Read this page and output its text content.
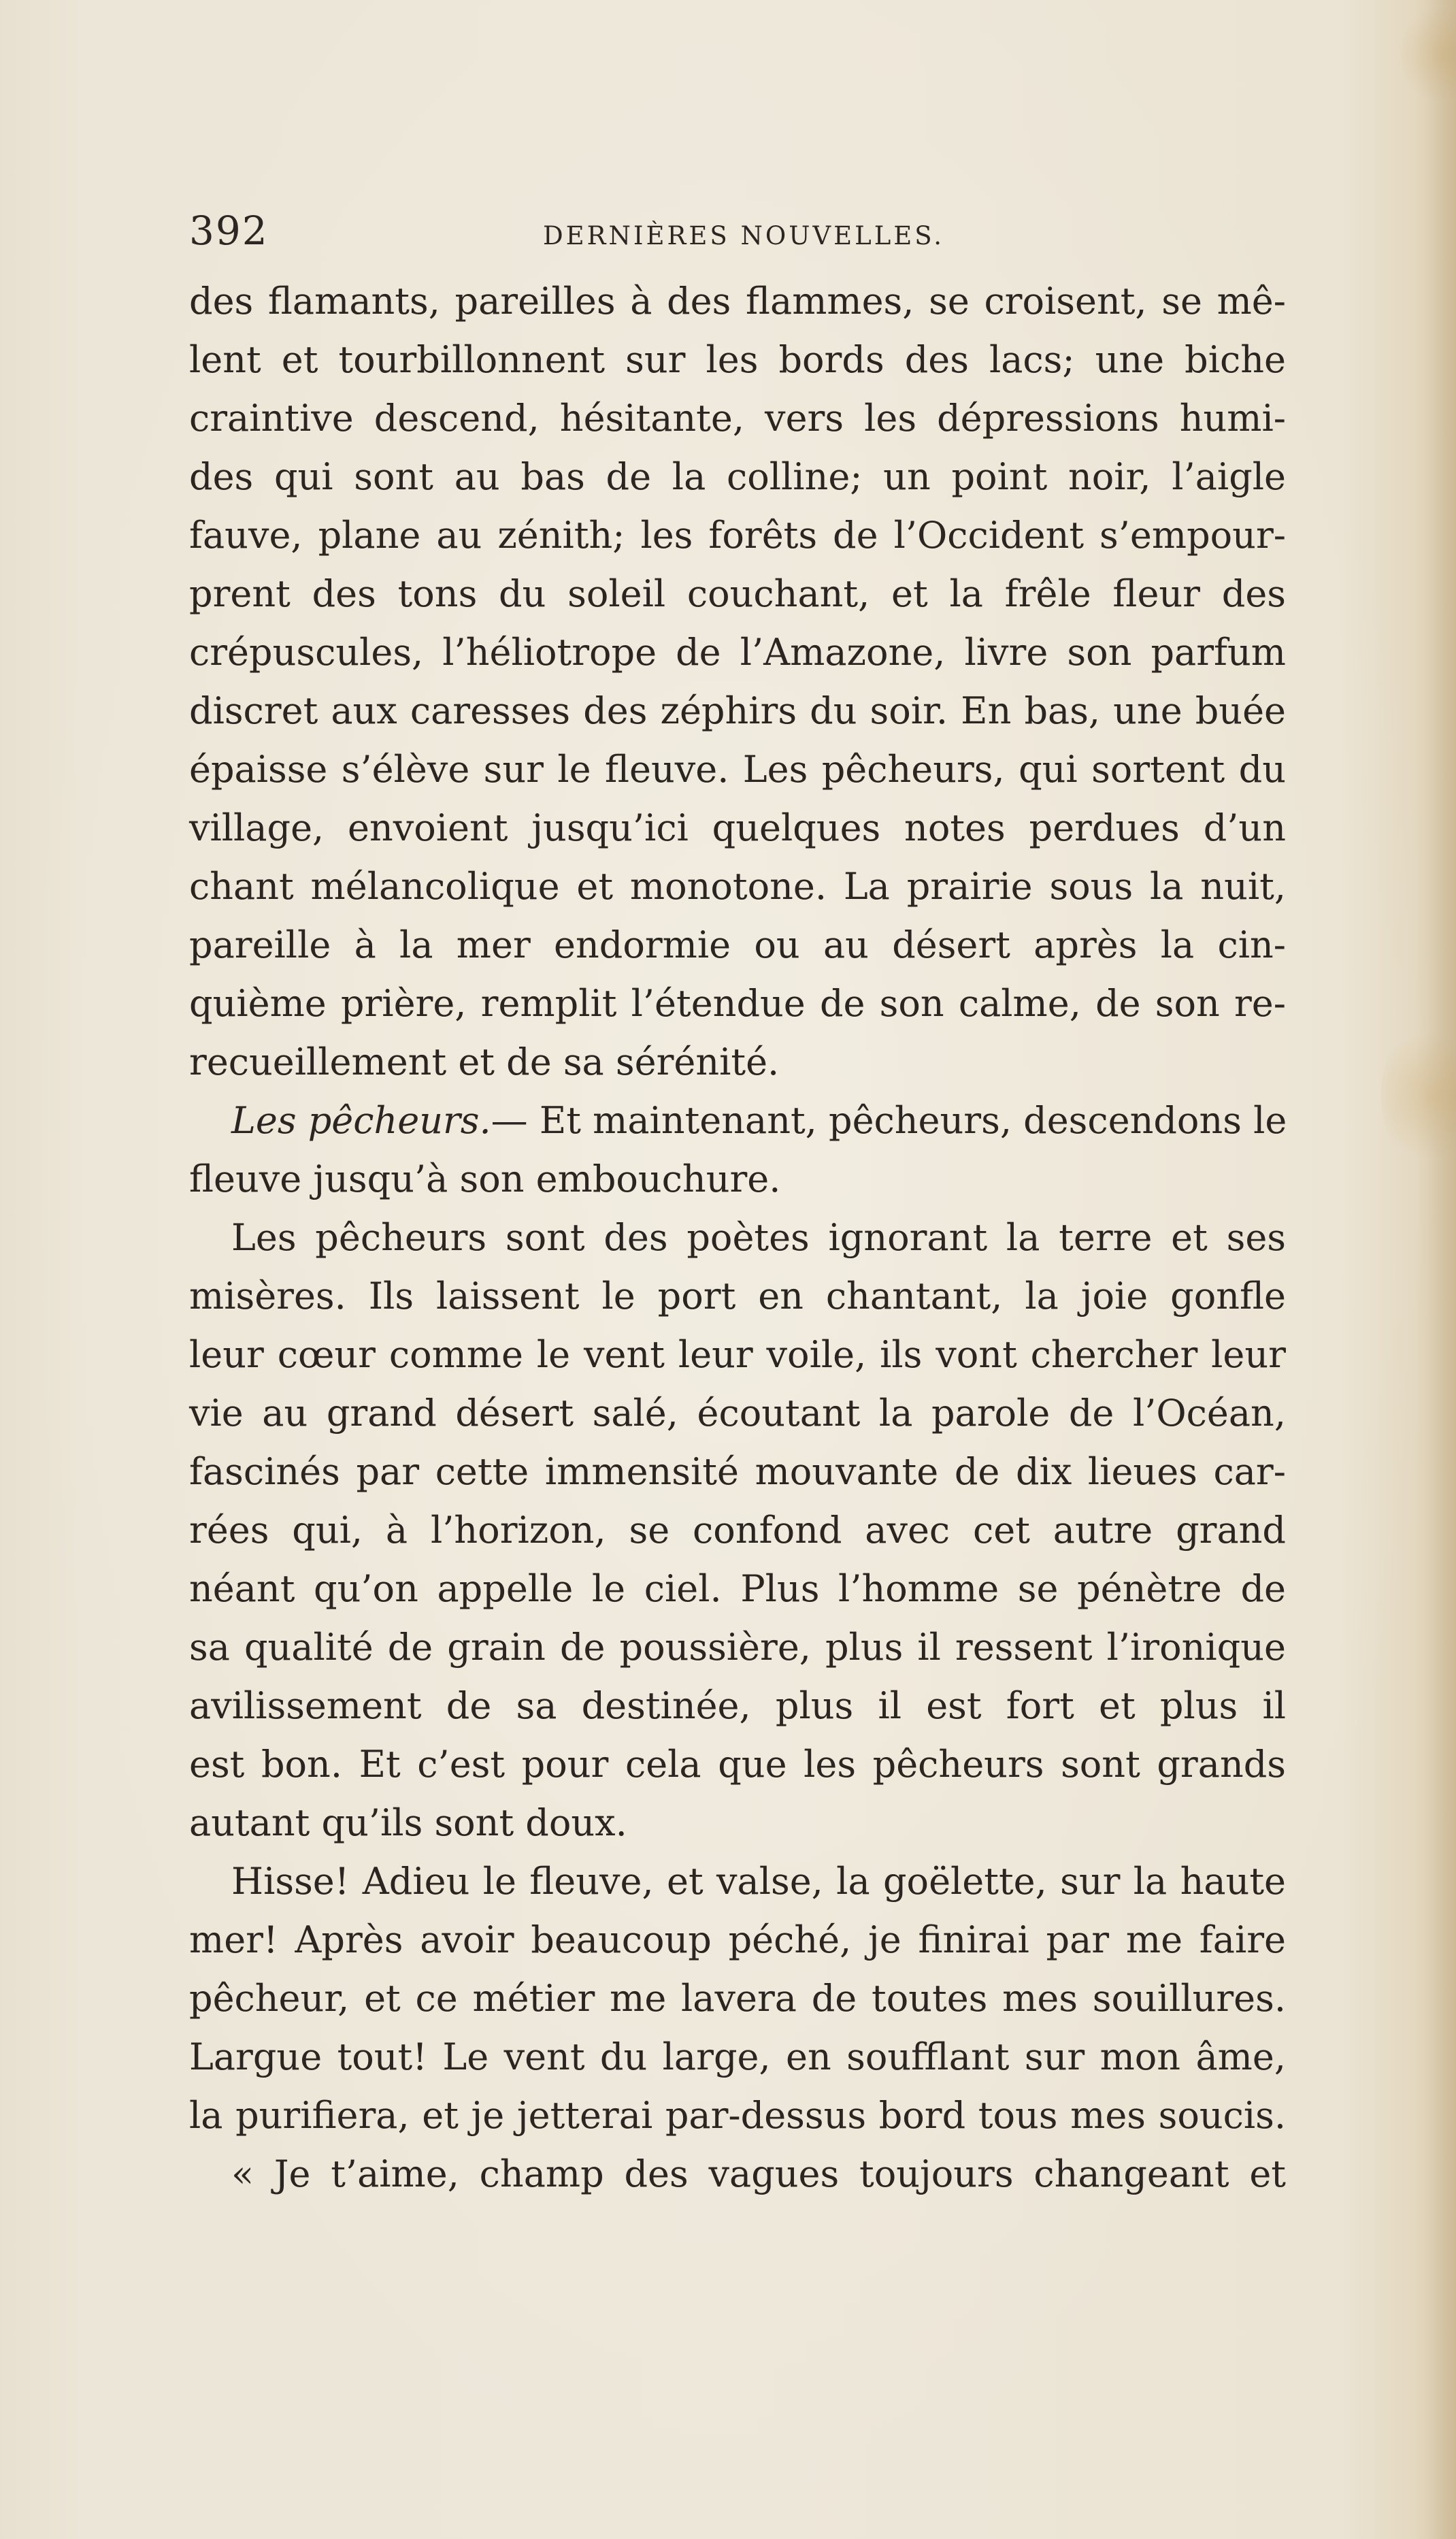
392	DERNIÈRES NOUVELLES.
des flamants, pareilles à des flammes, se croisent, se mê-
lent et tourbillonnent sur les bords des lacs; une biche
craintive descend, hésitante, vers les dépressions humi-
des qui sont au bas de la colline; un point noir, l’aigle
fauve, plane au zénith; les forêts de l’Occident s’empour-
prent des tons du soleil couchant, et la frêle fleur des
crépuscules, l’héliotrope de l’Amazone, livre son parfum
discret aux caresses des zéphirs du soir. En bas, une buée
épaisse s’élève sur le fleuve. Les pêcheurs, qui sortent du
village, envoient jusqu’ici quelques notes perdues d’un
chant mélancolique et monotone. La prairie sous la nuit,
pareille à la mer endormie ou au désert après la cin-
quième prière, remplit l’étendue de son calme, de son re-
recueillement et de sa sérénité.
Les pêcheurs.— Et maintenant, pêcheurs, descendons le
fleuve jusqu’à son embouchure.
Les pêcheurs sont des poètes ignorant la terre et ses
misères. Ils laissent le port en chantant, la joie gonfle
leur cœur comme le vent leur voile, ils vont chercher leur
vie au grand désert salé, écoutant la parole de l’Océan,
fascinés par cette immensité mouvante de dix lieues car-
rées qui, à l’horizon, se confond avec cet autre grand
néant qu’on appelle le ciel. Plus l’homme se pénètre de
sa qualité de grain de poussière, plus il ressent l’ironique
avilissement de sa destinée, plus il est fort et plus il
est bon. Et c’est pour cela que les pêcheurs sont grands
autant qu’ils sont doux.
Hisse! Adieu le fleuve, et valse, la goëlette, sur la haute
mer! Après avoir beaucoup péché, je finirai par me faire
pêcheur, et ce métier me lavera de toutes mes souillures.
Largue tout! Le vent du large, en soufflant sur mon âme,
la purifiera, et je jetterai par-dessus bord tous mes soucis.
« Je t’aime, champ des vagues toujours changeant et
